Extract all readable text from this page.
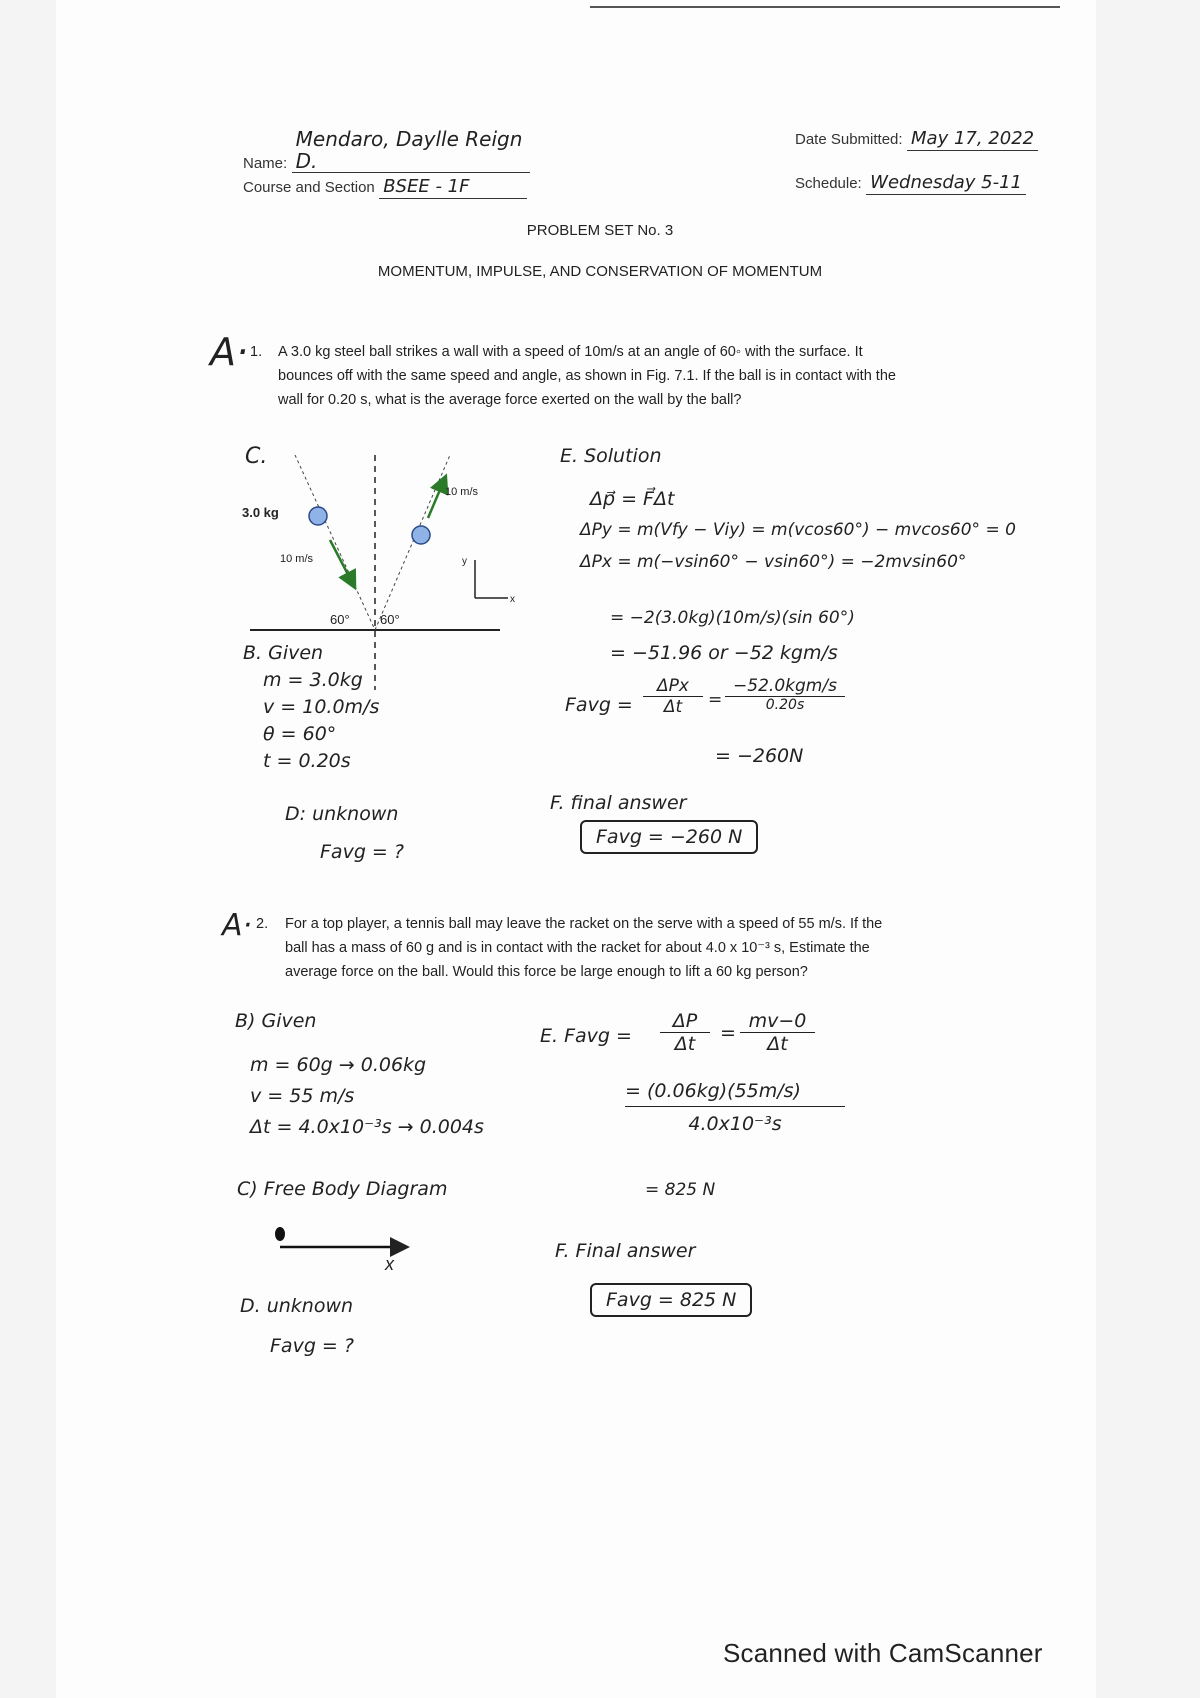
Name: Mendaro, Daylle Reign D.
Course and Section BSEE - 1F
Date Submitted: May 17, 2022
Schedule: Wednesday 5-11
PROBLEM SET No. 3
MOMENTUM, IMPULSE, AND CONSERVATION OF MOMENTUM
A· 1. A 3.0 kg steel ball strikes a wall with a speed of 10m/s at an angle of 60◦ with the surface. It
bounces off with the same speed and angle, as shown in Fig. 7.1. If the ball is in contact with the
wall for 0.20 s, what is the average force exerted on the wall by the ball?
3.0 kg
10 m/s
10 m/s
60° 60°
x
y
C.
B. Given
m = 3.0kg
v = 10.0m/s
θ = 60°
t = 0.20s
D: unknown
Favg = ?
E. Solution
Δp⃗ = F⃗Δt
ΔPy = m(Vfy − Viy) = m(vcos60°) − mvcos60° = 0
ΔPx = m(−vsin60° − vsin60°) = −2mvsin60°
= −2(3.0kg)(10m/s)(sin 60°)
= −51.96 or −52 kgm/s
Favg =
ΔPx
Δt	=
−52.0kgm/s
0.20s
= −260N
F. final answer
Favg = −260 N
A· 2. For a top player, a tennis ball may leave the racket on the serve with a speed of 55 m/s. If the
ball has a mass of 60 g and is in contact with the racket for about 4.0 x 10⁻³ s, Estimate the
average force on the ball. Would this force be large enough to lift a 60 kg person?
B) Given
m = 60g → 0.06kg
v = 55 m/s
Δt = 4.0x10⁻³s → 0.004s
C) Free Body Diagram
x
D. unknown
Favg = ?
E. Favg = $\frac{\Delta P}{\Delta t} = \frac{mv-0}{\Delta t}$
$\frac{= (0.06kg)(55m/s)}{\text{4.0x10⁻³s}}$
= 825 N
F. Final answer
Favg = 825 N
Scanned with CamScanner
